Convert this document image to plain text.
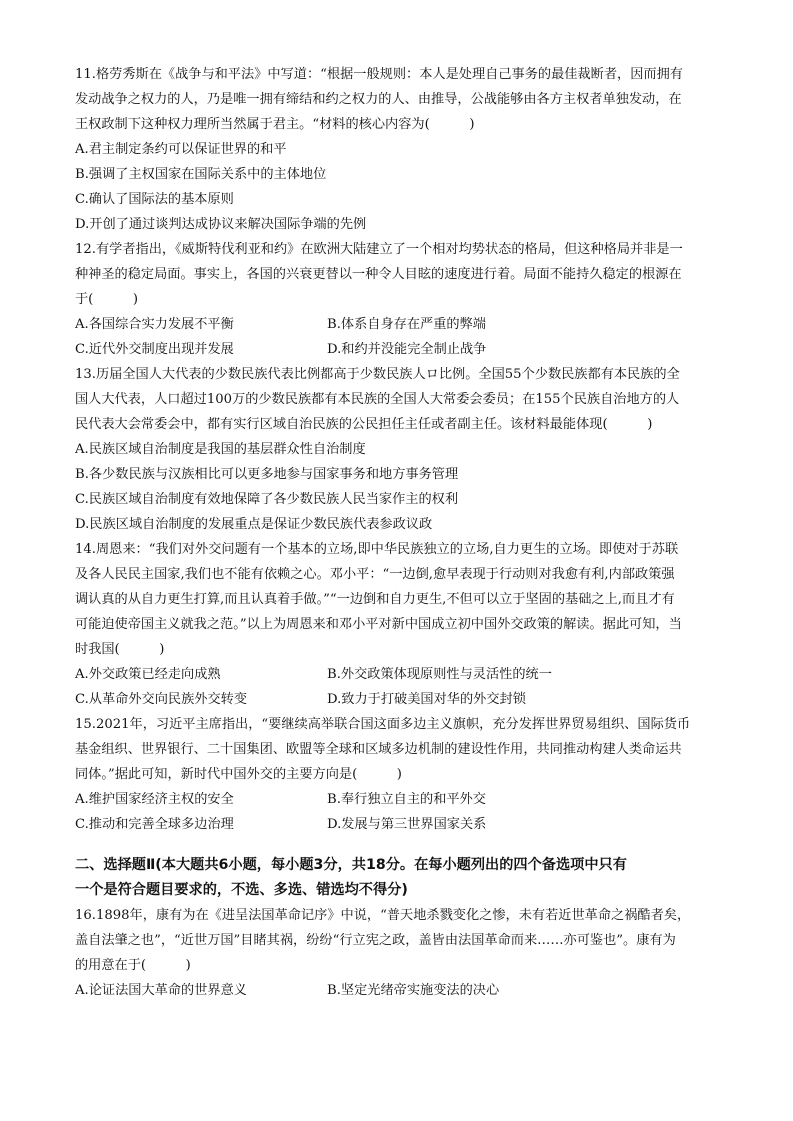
11.格劳秀斯在《战争与和平法》中写道：“根据一般规则：本人是处理自己事务的最佳裁断者，因而拥有
发动战争之权力的人，乃是唯一拥有缔结和约之权力的人、由推导，公战能够由各方主权者单独发动，在
王权政制下这种权力理所当然属于君主。“材料的核心内容为(　　　)
A.君主制定条约可以保证世界的和平
B.强调了主权国家在国际关系中的主体地位
C.确认了国际法的基本原则
D.开创了通过谈判达成协议来解决国际争端的先例
12.有学者指出，《威斯特伐利亚和约》在欧洲大陆建立了一个相对均势状态的格局，但这种格局并非是一
种神圣的稳定局面。事实上，各国的兴衰更替以一种令人目眩的速度进行着。局面不能持久稳定的根源在
于(　　　)
A.各国综合实力发展不平衡	B.体系自身存在严重的弊端
C.近代外交制度出现并发展	D.和约并没能完全制止战争
13.历届全国人大代表的少数民族代表比例都高于少数民族人ロ比例。全国55个少数民族都有本民族的全
国人大代表，人口超过100万的少数民族都有本民族的全国人大常委会委员；在155个民族自治地方的人
民代表大会常委会中，都有实行区域自治民族的公民担任主任或者副主任。该材料最能体现(　　　)
A.民族区域自治制度是我国的基层群众性自治制度
B.各少数民族与汉族相比可以更多地参与国家事务和地方事务管理
C.民族区域自治制度有效地保障了各少数民族人民当家作主的权利
D.民族区域自治制度的发展重点是保证少数民族代表参政议政
14.周恩来：“我们对外交问题有一个基本的立场,即中华民族独立的立场,自力更生的立场。即使对于苏联
及各人民民主国家,我们也不能有依赖之心。邓小平：“一边倒,愈早表现于行动则对我愈有利,内部政策强
调认真的从自力更生打算,而且认真着手做。”“一边倒和自力更生,不但可以立于坚固的基础之上,而且才有
可能迫使帝国主义就我之范。”以上为周恩来和邓小平对新中国成立初中国外交政策的解读。据此可知，当
时我国(　　　)
A.外交政策已经走向成熟	B.外交政策体现原则性与灵活性的统一
C.从革命外交向民族外交转变	D.致力于打破美国对华的外交封锁
15.2021年，习近平主席指出，“要继续高举联合国这面多边主义旗帜，充分发挥世界贸易组织、国际货币
基金组织、世界银行、二十国集团、欧盟等全球和区域多边机制的建设性作用，共同推动构建人类命运共
同体。”据此可知，新时代中国外交的主要方向是(　　　)
A.维护国家经济主权的安全	B.奉行独立自主的和平外交
C.推动和完善全球多边治理	D.发展与第三世界国家关系
二、选择题Ⅱ(本大题共6小题，每小题3分，共18分。在每小题列出的四个备选项中只有
一个是符合题目要求的，不选、多选、错选均不得分)
16.1898年，康有为在《进呈法国革命记序》中说，“普天地杀戮变化之惨，未有若近世革命之祸酷者矣，
盖自法肇之也”，“近世万国”目睹其祸，纷纷“行立宪之政，盖皆由法国革命而来……亦可鉴也”。康有为
的用意在于(　　　)
A.论证法国大革命的世界意义	B.坚定光绪帝实施变法的决心
